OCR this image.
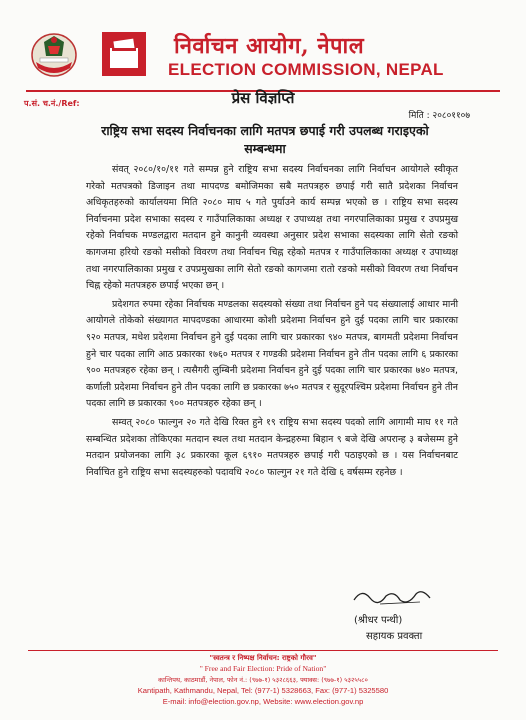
निर्वाचन आयोग, नेपाल
ELECTION COMMISSION, NEPAL
प.सं. च.नं./Ref:	प्रेस विज्ञप्ति
मिति : २०८०११०७
राष्ट्रिय सभा सदस्य निर्वाचनका लागि मतपत्र छपाई गरी उपलब्ध गराइएको
सम्बन्धमा

संवत् २०८०/१०/११ गते सम्पन्न हुने राष्ट्रिय सभा सदस्य निर्वाचनका लागि निर्वाचन आयोगले स्वीकृत गरेको मतपत्रको डिजाइन तथा मापदण्ड बमोजिमका सबै मतपत्रहरु छपाई गरी सातै प्रदेशका निर्वाचन अधिकृतहरुको कार्यालयमा मिति २०८० माघ ५ गते पुर्याउने कार्य सम्पन्न भएको छ । राष्ट्रिय सभा सदस्य निर्वाचनमा प्रदेश सभाका सदस्य र गाउँपालिकाका अध्यक्ष र उपाध्यक्ष तथा नगरपालिकाका प्रमुख र उपप्रमुख रहेको निर्वाचक मण्डलद्वारा मतदान हुने कानुनी व्यवस्था अनुसार प्रदेश सभाका सदस्यका लागि सेतो रङको कागजमा हरियो रङको मसीको विवरण तथा निर्वाचन चिह्न रहेको मतपत्र र गाउँपालिकाका अध्यक्ष र उपाध्यक्ष तथा नगरपालिकाका प्रमुख र उपप्रमुखका लागि सेतो रङको कागजमा रातो रङको मसीको विवरण तथा निर्वाचन चिह्न रहेको मतपत्रहरु छपाई भएका छन् ।

प्रदेशगत रुपमा रहेका निर्वाचक मण्डलका सदस्यको संख्या तथा निर्वाचन हुने पद संख्यालाई आधार मानी आयोगले तोकेको संख्यागत मापदण्डका आधारमा कोशी प्रदेशमा निर्वाचन हुने दुई पदका लागि चार प्रकारका ९२० मतपत्र, मधेश प्रदेशमा निर्वाचन हुने दुई पदका लागि चार प्रकारका ९४० मतपत्र, बागमती प्रदेशमा निर्वाचन हुने चार पदका लागि आठ प्रकारका १७६० मतपत्र र गण्डकी प्रदेशमा निर्वाचन हुने तीन पदका लागि ६ प्रकारका ९०० मतपत्रहरु रहेका छन् । त्यसैगरी लुम्बिनी प्रदेशमा निर्वाचन हुने दुई पदका लागि चार प्रकारका ७४० मतपत्र, कर्णाली प्रदेशमा निर्वाचन हुने तीन पदका लागि छ प्रकारका ७५० मतपत्र र सुदूरपश्चिम प्रदेशमा निर्वाचन हुने तीन पदका लागि छ प्रकारका ९०० मतपत्रहरु रहेका छन् ।

सम्वत् २०८० फाल्गुन २० गते देखि रिक्त हुने १९ राष्ट्रिय सभा सदस्य पदको लागि आगामी माघ ११ गते सम्बन्धित प्रदेशका तोकिएका मतदान स्थल तथा मतदान केन्द्रहरुमा बिहान ९ बजे देखि अपरान्ह ३ बजेसम्म हुने मतदान प्रयोजनका लागि ३८ प्रकारका कूल ६९१० मतपत्रहरु छपाई गरी पठाइएको छ । यस निर्वाचनबाट निर्वाचित हुने राष्ट्रिय सभा सदस्यहरुको पदावधि २०८० फाल्गुन २१ गते देखि ६ वर्षसम्म रहनेछ ।

(श्रीधर पन्थी)
सहायक प्रवक्ता
"स्वतन्त्र र निष्पक्ष निर्वाचन: राष्ट्रको गौरव"
" Free and Fair Election: Pride of Nation"
कान्तिपथ, काठमाडौं, नेपाल, फोन नं.: (९७७-१) ५३२८६६३, फ्याक्स: (९७७-१) ५३२५५८०
Kantipath, Kathmandu, Nepal, Tel: (977-1) 5328663, Fax: (977-1) 5325580
E-mail: info@election.gov.np, Website: www.election.gov.np
